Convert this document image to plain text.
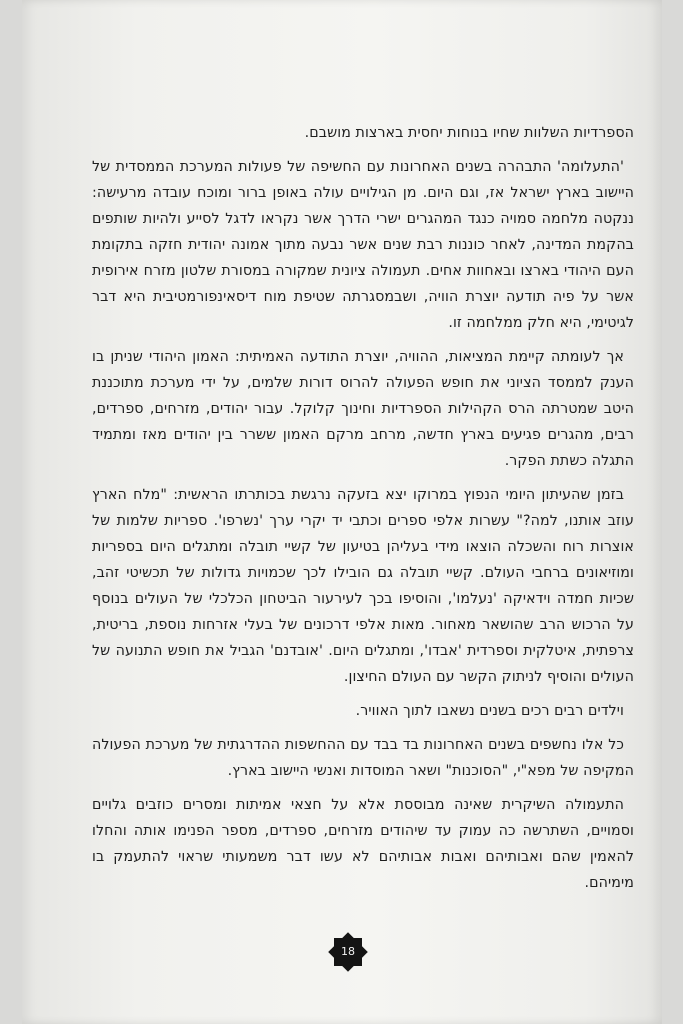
הספרדיות השלוות שחיו בנוחות יחסית בארצות מושבם.

'התעלומה' התבהרה בשנים האחרונות עם החשיפה של פעולות המערכת הממסדית של היישוב בארץ ישראל אז, וגם היום. מן הגילויים עולה באופן ברור ומוכח עובדה מרעישה: ננקטה מלחמה סמויה כנגד המהגרים ישרי הדרך אשר נקראו לדגל לסייע ולהיות שותפים בהקמת המדינה, לאחר כוננות רבת שנים אשר נבעה מתוך אמונה יהודית חזקה בתקומת העם היהודי בארצו ובאחוות אחים. תעמולה ציונית שמקורה במסורת שלטון מזרח אירופית אשר על פיה תודעה יוצרת הוויה, ושבמסגרתה שטיפת מוח דיסאינפורמטיבית היא דבר לגיטימי, היא חלק ממלחמה זו.

אך לעומתה קיימת המציאות, ההוויה, יוצרת התודעה האמיתית: האמון היהודי שניתן בו הענק לממסד הציוני את חופש הפעולה להרוס דורות שלמים, על ידי מערכת מתוכננת היטב שמטרתה הרס הקהילות הספרדיות וחינוך קלוקל. עבור יהודים, מזרחים, ספרדים, רבים, מהגרים פגיעים בארץ חדשה, מרחב מרקם האמון ששרר בין יהודים מאז ומתמיד התגלה כשתת הפקר.

בזמן שהעיתון היומי הנפוץ במרוקו יצא בזעקה נרגשת בכותרתו הראשית: "מלח הארץ עוזב אותנו, למה?" עשרות אלפי ספרים וכתבי יד יקרי ערך 'נשרפו'. ספריות שלמות של אוצרות רוח והשכלה הוצאו מידי בעליהן בטיעון של קשיי תובלה ומתגלים היום בספריות ומוזיאונים ברחבי העולם. קשיי תובלה גם הובילו לכך שכמויות גדולות של תכשיטי זהב, שכיות חמדה וידאיקה 'נעלמו', והוסיפו בכך לעירעור הביטחון הכלכלי של העולים בנוסף על הרכוש הרב שהושאר מאחור. מאות אלפי דרכונים של בעלי אזרחות נוספת, בריטית, צרפתית, איטלקית וספרדית 'אבדו', ומתגלים היום. 'אובדנם' הגביל את חופש התנועה של העולים והוסיף לניתוק הקשר עם העולם החיצון.

וילדים רבים רכים בשנים נשאבו לתוך האוויר.

כל אלו נחשפים בשנים האחרונות בד בבד עם ההחשפות ההדרגתית של מערכת הפעולה המקיפה של מפא"י, "הסוכנות" ושאר המוסדות ואנשי היישוב בארץ.

התעמולה השיקרית שאינה מבוססת אלא על חצאי אמיתות ומסרים כוזבים גלויים וסמויים, השתרשה כה עמוק עד שיהודים מזרחים, ספרדים, מספר הפנימו אותה והחלו להאמין שהם ואבותיהם ואבות אבותיהם לא עשו דבר משמעותי שראוי להתעמק בו מימיהם.

18
